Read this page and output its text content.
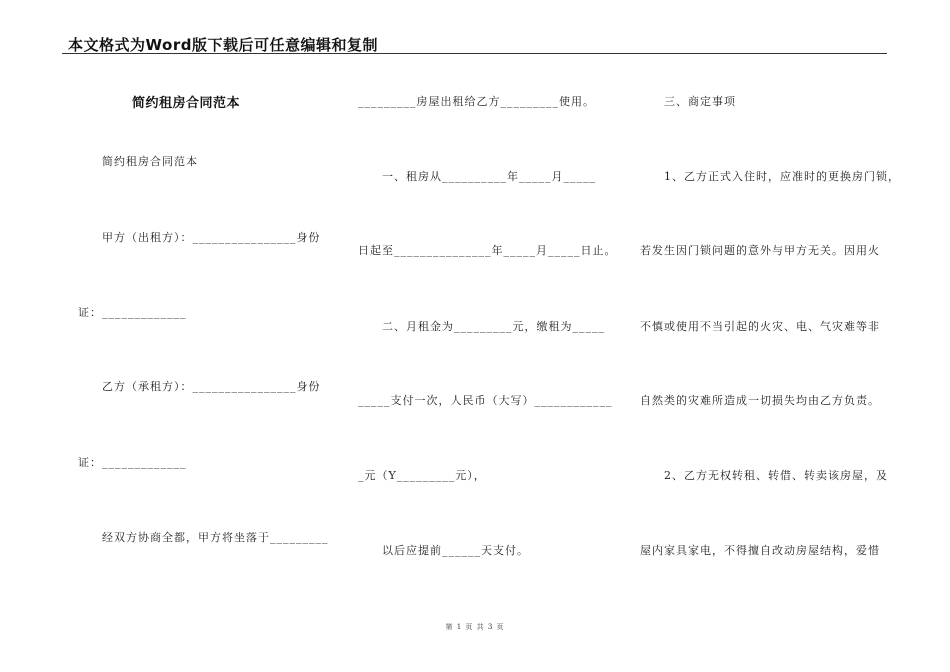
本文格式为Word版下载后可任意编辑和复制
简约租房合同范本
简约租房合同范本
甲方（出租方）：________________身份
证：_____________
乙方（承租方）：________________身份
证：_____________
经双方协商全都，甲方将坐落于_________
_________房屋出租给乙方_________使用。
一、租房从__________年_____月_____
日起至_______________年_____月_____日止。
二、月租金为_________元，缴租为_____
_____支付一次，人民币（大写）____________
_元（Y_________元），
以后应提前______天支付。
三、商定事项
1、乙方正式入住时，应准时的更换房门锁，
若发生因门锁问题的意外与甲方无关。因用火
不慎或使用不当引起的火灾、电、气灾难等非
自然类的灾难所造成一切损失均由乙方负责。
2、乙方无权转租、转借、转卖该房屋，及
屋内家具家电，不得擅自改动房屋结构，爱惜
第 1 页 共 3 页
